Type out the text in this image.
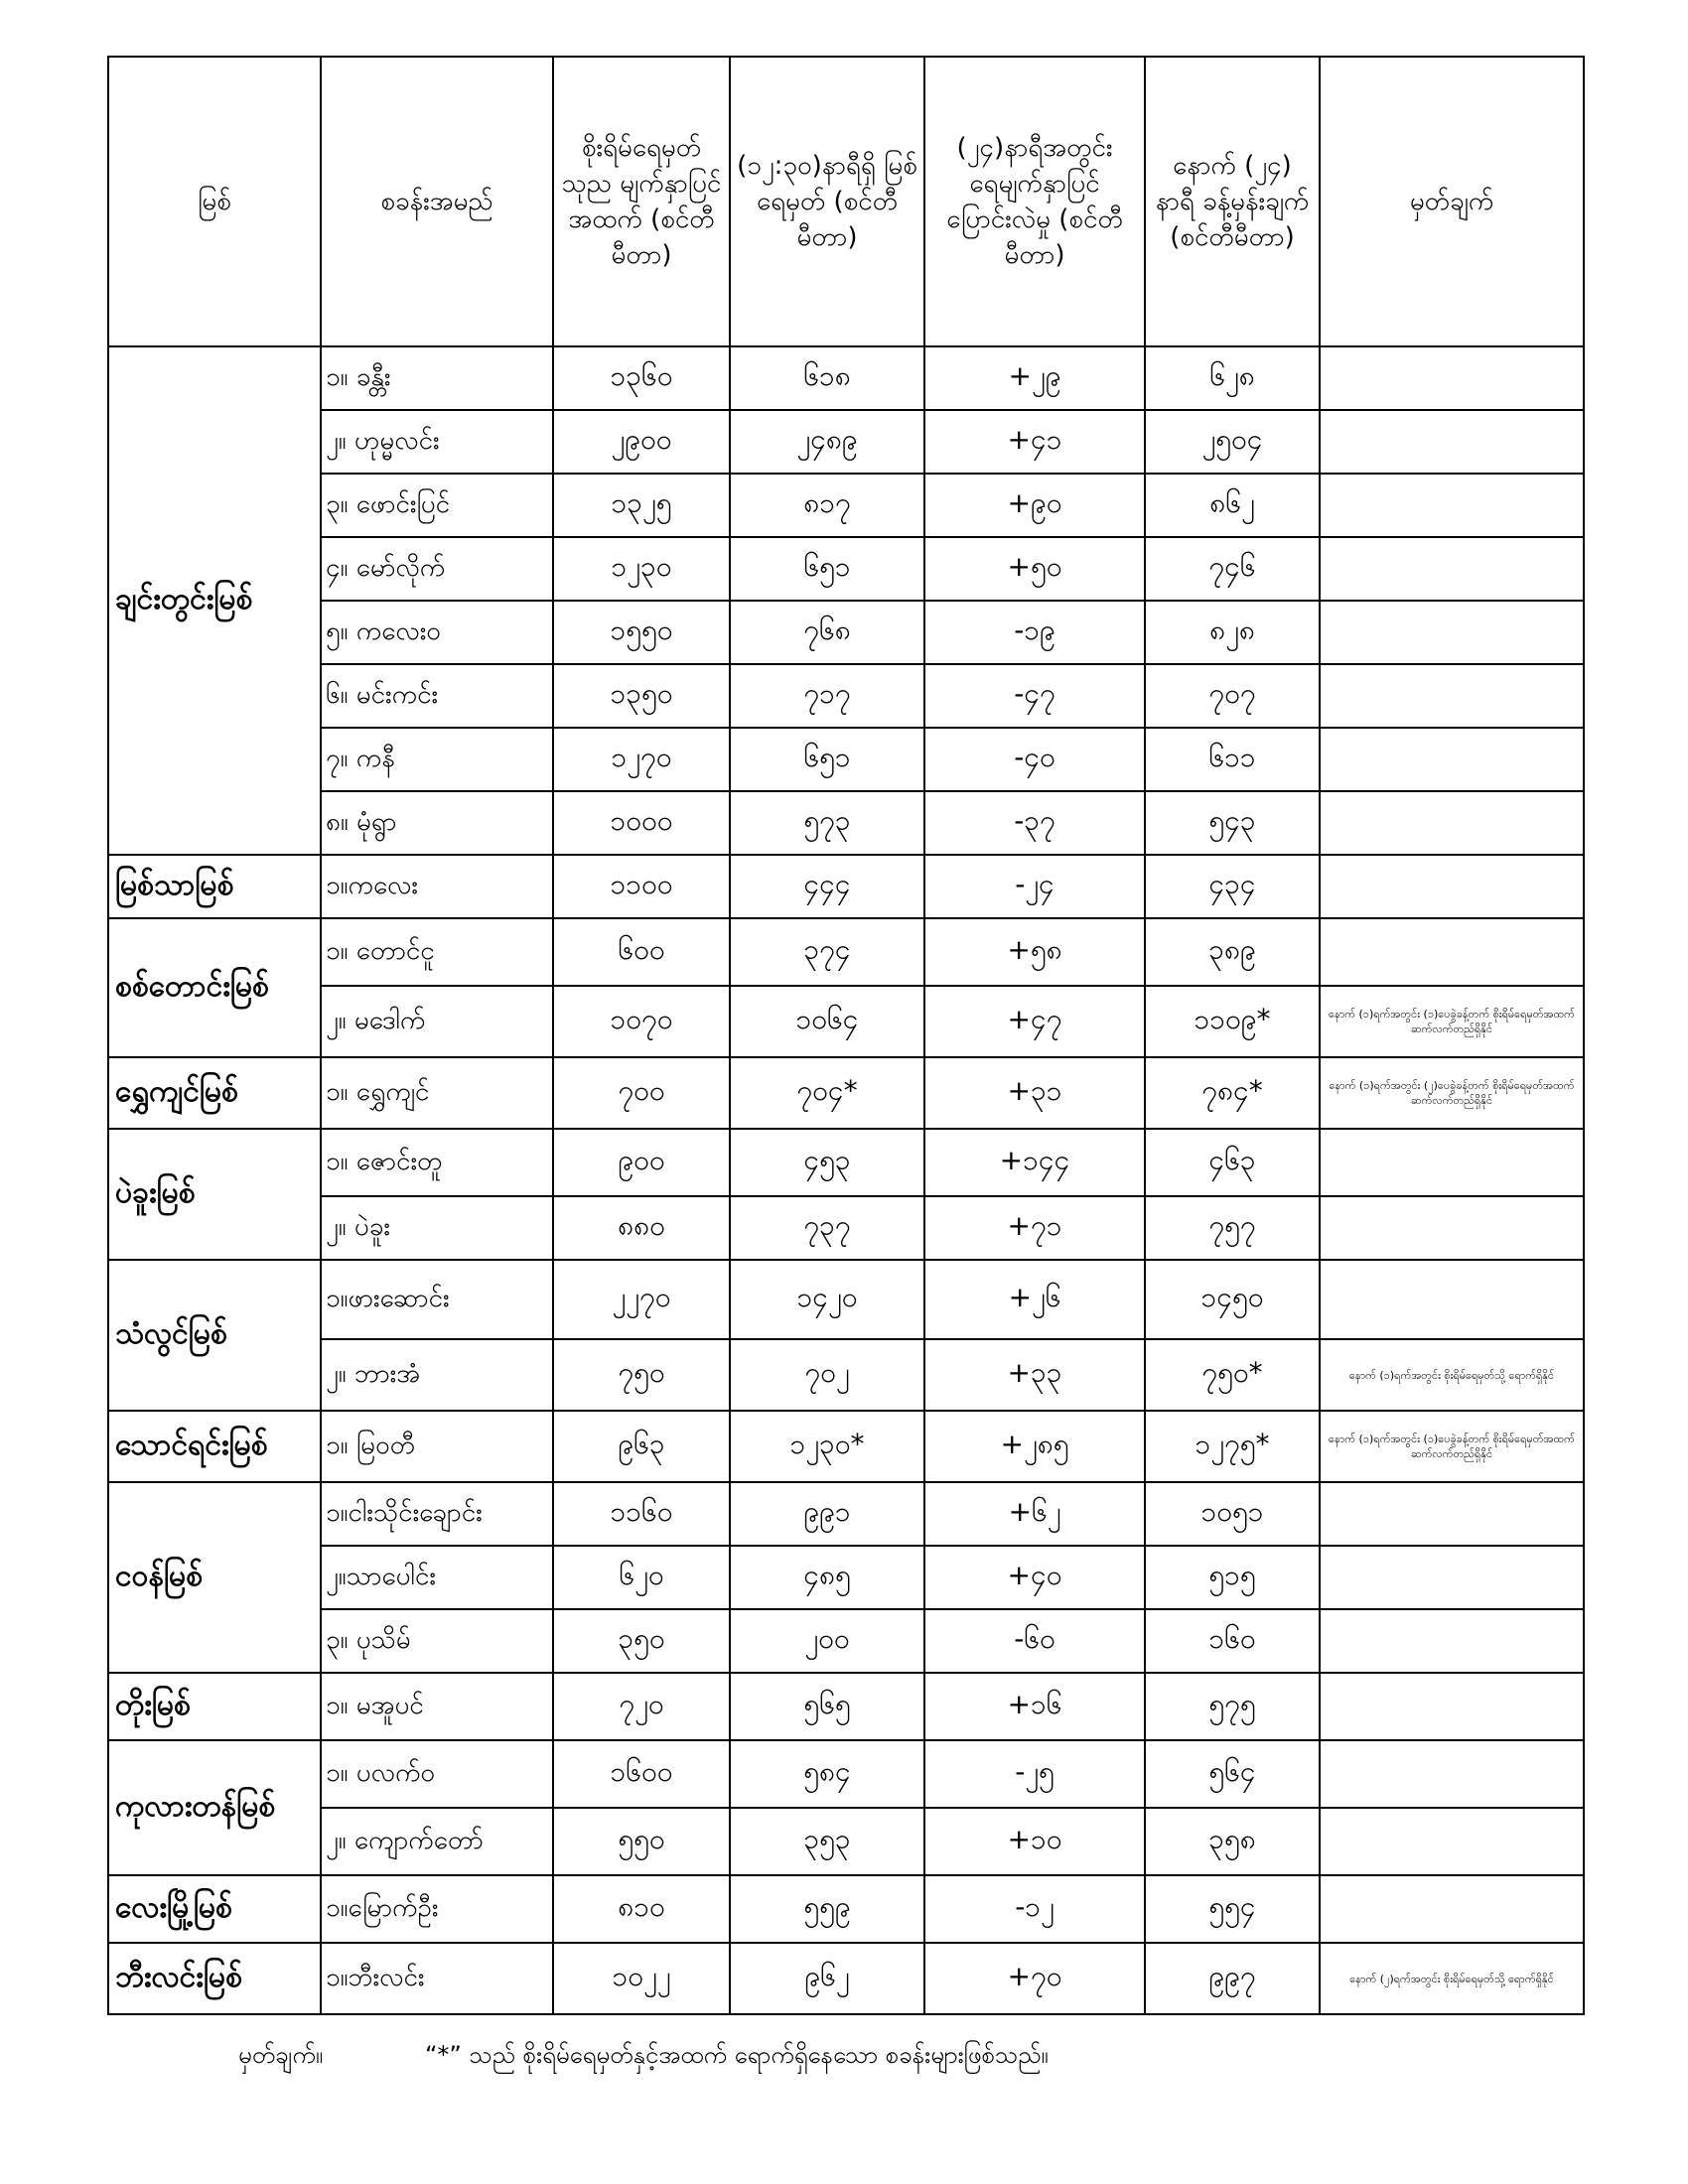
မြစ်	စခန်းအမည်	စိုးရိမ်ရေမှတ် သုည မျက်နှာပြင် အထက် (စင်တီမီတာ)	(၁၂:၃၀)နာရီရှိ မြစ်ရေမှတ် (စင်တီမီတာ)	(၂၄)နာရီအတွင်း ရေမျက်နှာပြင် ပြောင်းလဲမှု (စင်တီမီတာ)	နောက် (၂၄) နာရီ ခန့်မှန်းချက် (စင်တီမီတာ)	မှတ်ချက်
ချင်းတွင်းမြစ်	၁။ ခန္တီး	၁၃၆၀	၆၁၈	+၂၉	၆၂၈	
	၂။ ဟုမ္မလင်း	၂၉၀၀	၂၄၈၉	+၄၁	၂၅၀၄	
	၃။ ဖောင်းပြင်	၁၃၂၅	၈၁၇	+၉၀	၈၆၂	
	၄။ မော်လိုက်	၁၂၃၀	၆၅၁	+၅၀	၇၄၆	
	၅။ ကလေးဝ	၁၅၅၀	၇၆၈	-၁၉	၈၂၈	
	၆။ မင်းကင်း	၁၃၅၀	၇၁၇	-၄၇	၇၀၇	
	၇။ ကနီ	၁၂၇၀	၆၅၁	-၄၀	၆၁၁	
	၈။ မုံရွာ	၁၀၀၀	၅၇၃	-၃၇	၅၄၃	
မြစ်သာမြစ်	၁။ကလေး	၁၁၀၀	၄၄၄	-၂၄	၄၃၄	
စစ်တောင်းမြစ်	၁။ တောင်ငူ	၆၀၀	၃၇၄	+၅၈	၃၈၉	
	၂။ မဒေါက်	၁၀၇၀	၁၀၆၄	+၄၇	၁၁၀၉*	နောက် (၁)ရက်အတွင်း (၁)ပေခွဲခန့်တက် စိုးရိမ်ရေမှတ်အထက် ဆက်လက်တည်ရှိနိုင်
ရွှေကျင်မြစ်	၁။ ရွှေကျင်	၇၀၀	၇၀၄*	+၃၁	၇၈၄*	နောက် (၁)ရက်အတွင်း (၂)ပေခွဲခန့်တက် စိုးရိမ်ရေမှတ်အထက် ဆက်လက်တည်ရှိနိုင်
ပဲခူးမြစ်	၁။ ဇောင်းတူ	၉၀၀	၄၅၃	+၁၄၄	၄၆၃	
	၂။ ပဲခူး	၈၈၀	၇၃၇	+၇၁	၇၅၇	
သံလွင်မြစ်	၁။ဖားဆောင်း	၂၂၇၀	၁၄၂၀	+၂၆	၁၄၅၀	
	၂။ ဘားအံ	၇၅၀	၇၀၂	+၃၃	၇၅၀*	နောက် (၁)ရက်အတွင်း စိုးရိမ်ရေမှတ်သို့ ရောက်ရှိနိုင်
သောင်ရင်းမြစ်	၁။ မြဝတီ	၉၆၃	၁၂၃၀*	+၂၈၅	၁၂၇၅*	နောက် (၁)ရက်အတွင်း (၁)ပေခွဲခန့်တက် စိုးရိမ်ရေမှတ်အထက် ဆက်လက်တည်ရှိနိုင်
ငဝန်မြစ်	၁။ငါးသိုင်းချောင်း	၁၁၆၀	၉၉၁	+၆၂	၁၀၅၁	
	၂။သာပေါင်း	၆၂၀	၄၈၅	+၄၀	၅၁၅	
	၃။ ပုသိမ်	၃၅၀	၂၀၀	-၆၀	၁၆၀	
တိုးမြစ်	၁။ မအူပင်	၇၂၀	၅၆၅	+၁၆	၅၇၅	
ကုလားတန်မြစ်	၁။ ပလက်ဝ	၁၆၀၀	၅၈၄	-၂၅	၅၆၄	
	၂။ ကျောက်တော်	၅၅၀	၃၅၃	+၁၀	၃၅၈	
လေးမြို့မြစ်	၁။မြောက်ဦး	၈၁၀	၅၅၉	-၁၂	၅၅၄	
ဘီးလင်းမြစ်	၁။ဘီးလင်း	၁၀၂၂	၉၆၂	+၇၀	၉၉၇	နောက် (၂)ရက်အတွင်း စိုးရိမ်ရေမှတ်သို့ ရောက်ရှိနိုင်
မှတ်ချက်။	“*” သည် စိုးရိမ်ရေမှတ်နှင့်အထက် ရောက်ရှိနေသော စခန်းများဖြစ်သည်။
